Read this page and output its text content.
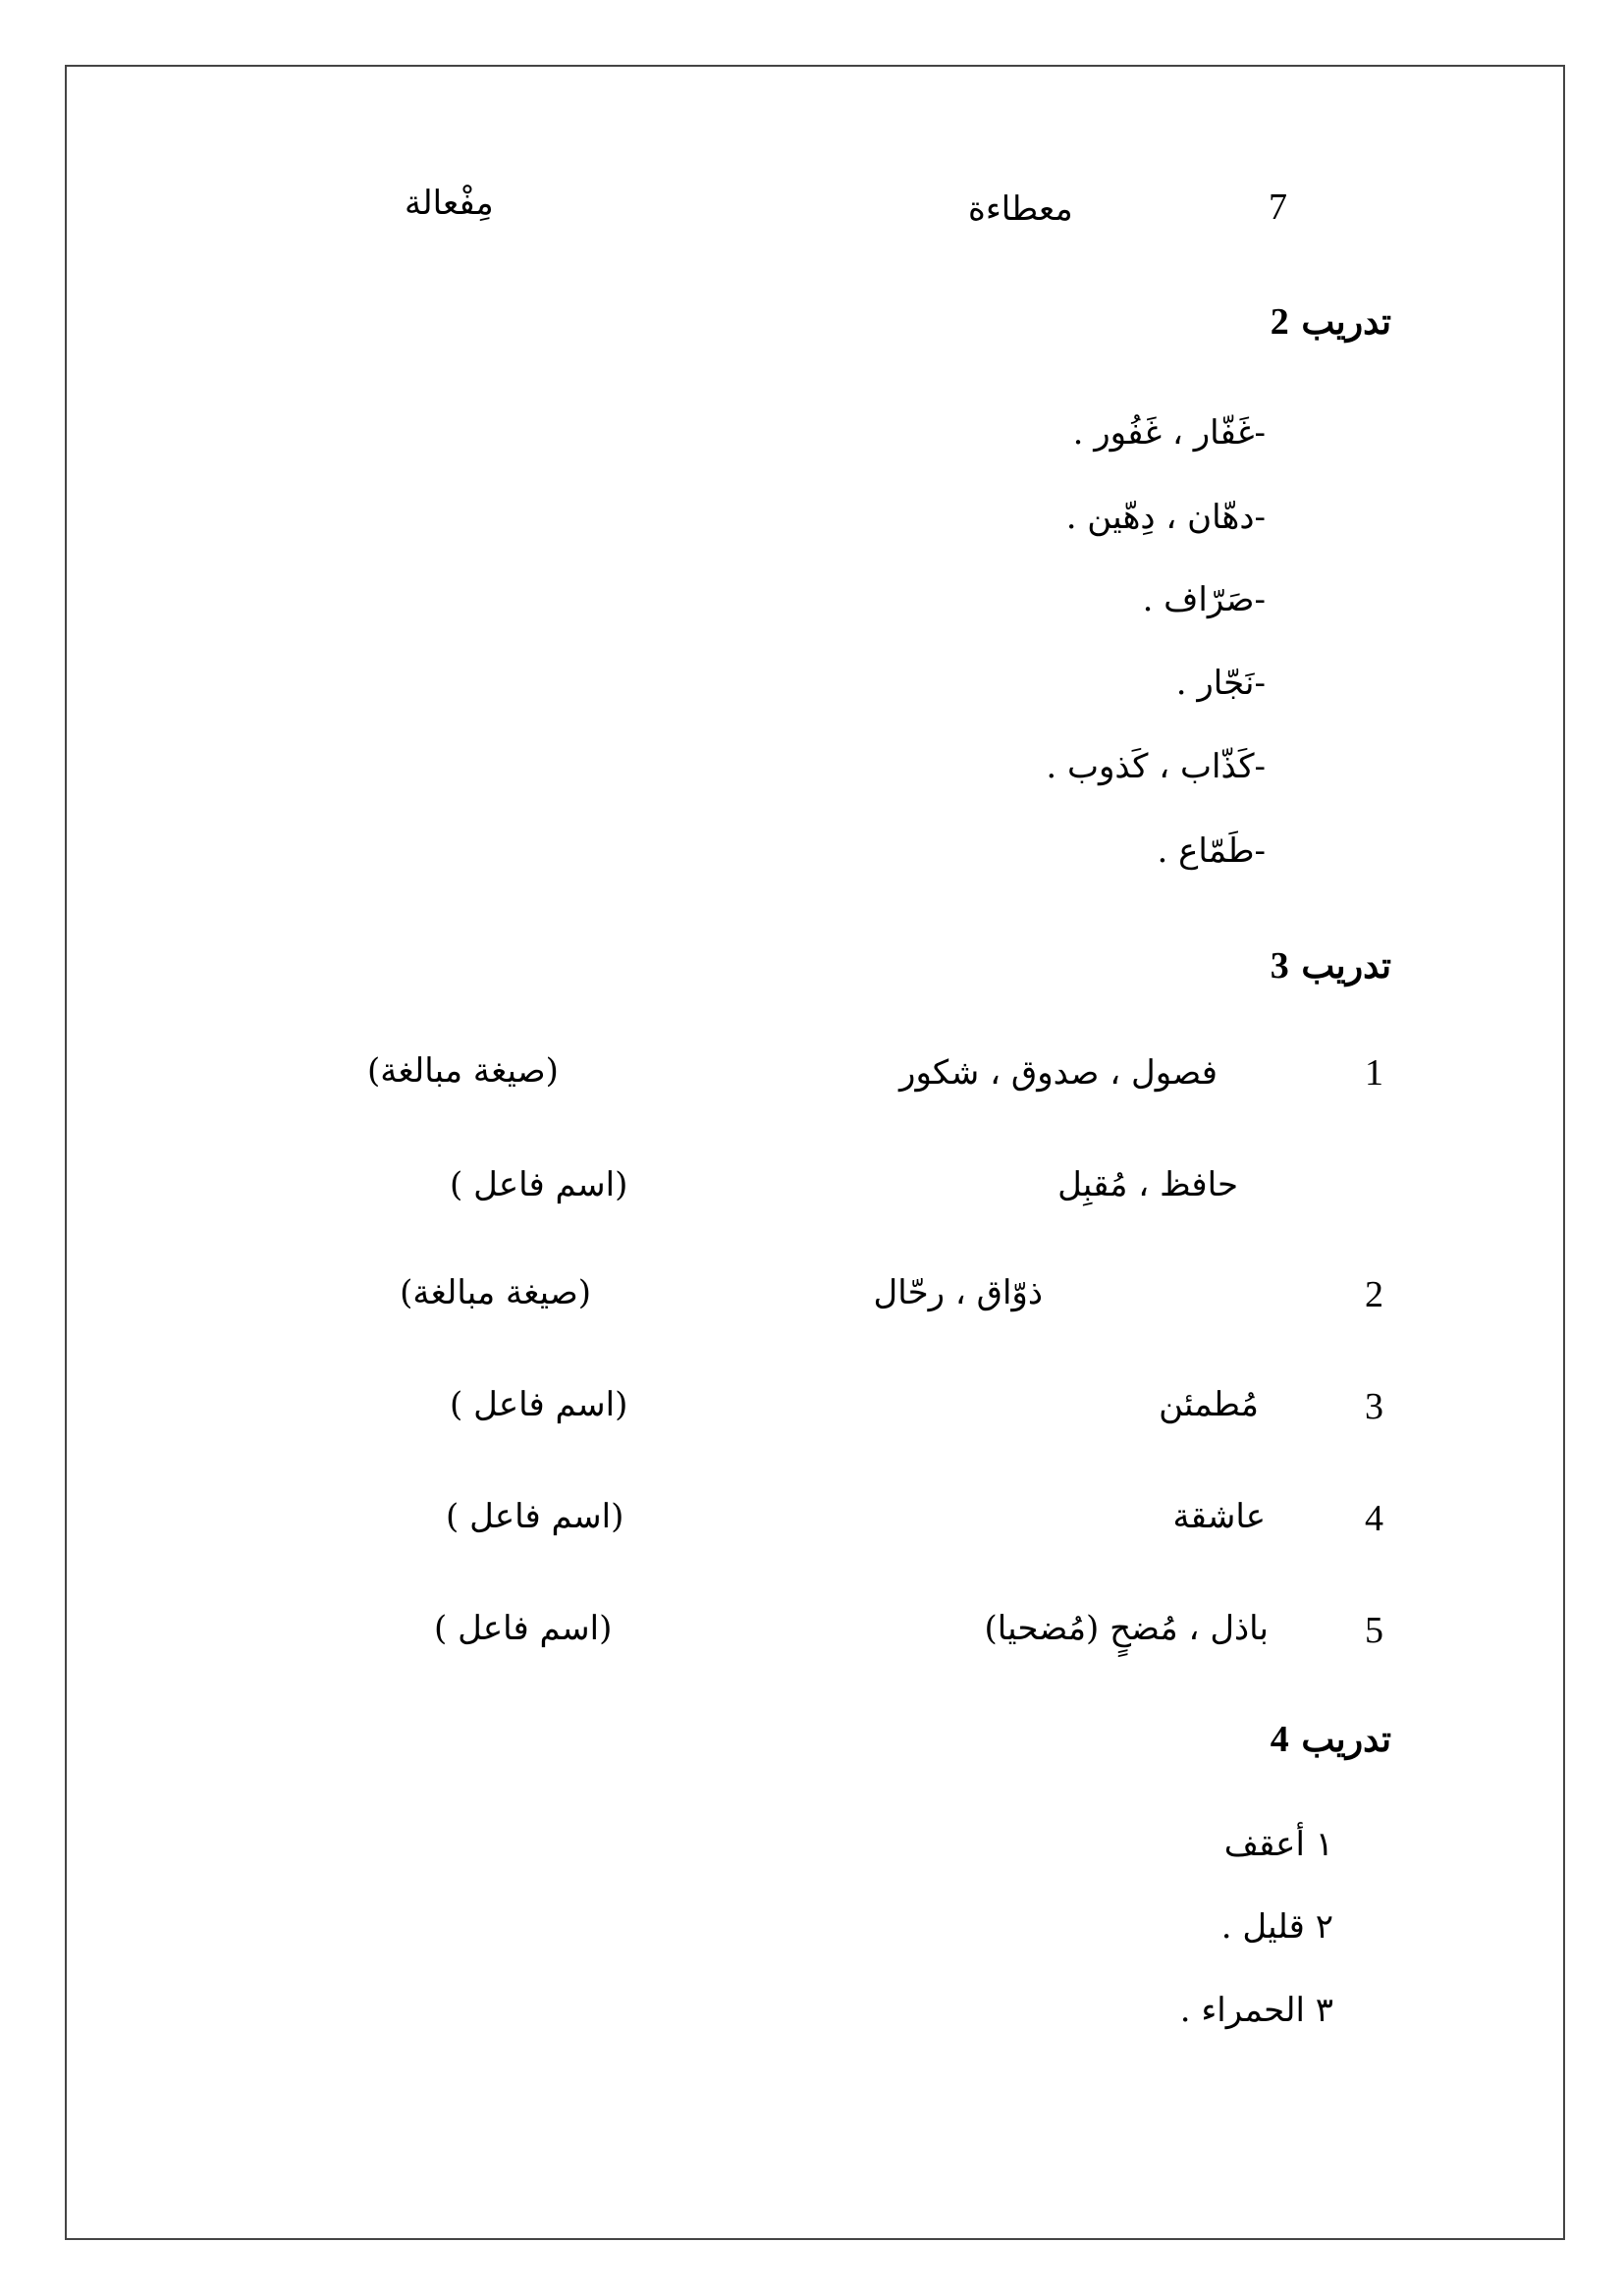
7
معطاءة
مِفْعالة
تدريب 2
-غَفّار ، غَفُور .
-دهّان ، دِهّين .
-صَرّاف .
-نَجّار .
-كَذّاب ، كَذوب .
-طَمّاع .
تدريب 3
1
فصول ، صدوق ، شكور
(صيغة مبالغة)
حافظ ، مُقبِل
(اسم فاعل )
2
ذوّاق ، رحّال
(صيغة مبالغة)
3
مُطمئن
(اسم فاعل )
4
عاشقة
(اسم فاعل )
5
باذل ، مُضحٍ (مُضحيا)
(اسم فاعل )
تدريب 4
١ أعقف
٢ قليل .
٣ الحمراء .
